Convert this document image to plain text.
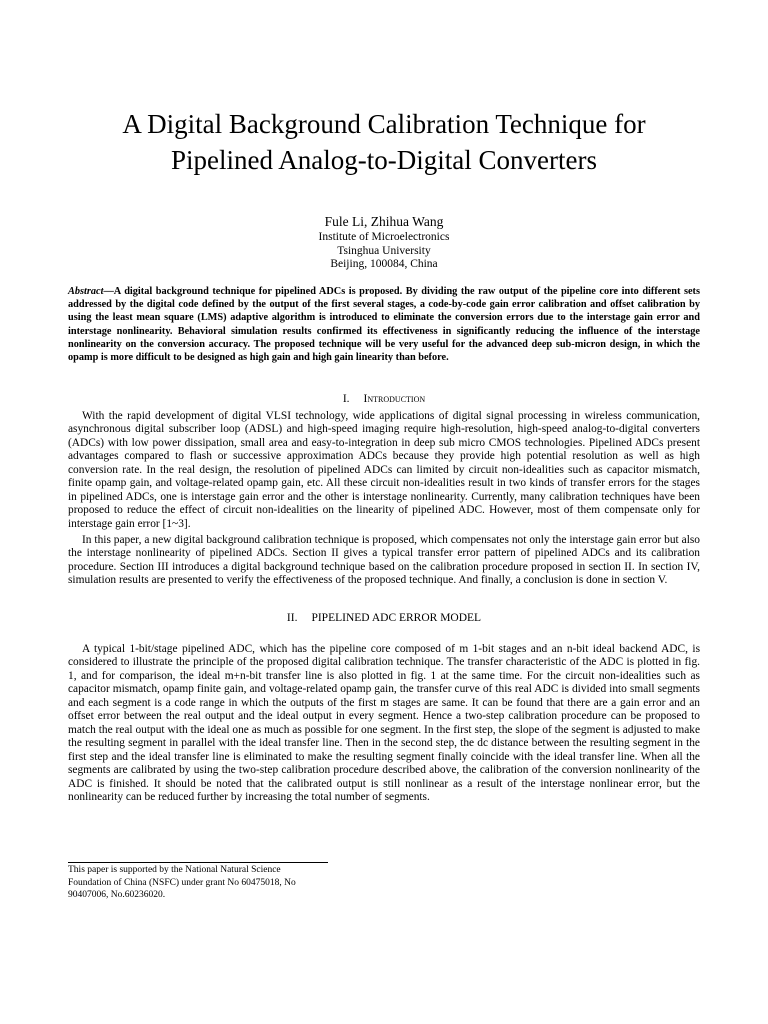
A Digital Background Calibration Technique for
Pipelined Analog-to-Digital Converters
Fule Li, Zhihua Wang
Institute of Microelectronics
Tsinghua University
Beijing, 100084, China
Abstract—A digital background technique for pipelined ADCs is proposed. By dividing the raw output of the pipeline core into different sets addressed by the digital code defined by the output of the first several stages, a code-by-code gain error calibration and offset calibration by using the least mean square (LMS) adaptive algorithm is introduced to eliminate the conversion errors due to the interstage gain error and interstage nonlinearity. Behavioral simulation results confirmed its effectiveness in significantly reducing the influence of the interstage nonlinearity on the conversion accuracy. The proposed technique will be very useful for the advanced deep sub-micron design, in which the opamp is more difficult to be designed as high gain and high gain linearity than before.
I. Introduction

With the rapid development of digital VLSI technology, wide applications of digital signal processing in wireless communication, asynchronous digital subscriber loop (ADSL) and high-speed imaging require high-resolution, high-speed analog-to-digital converters (ADCs) with low power dissipation, small area and easy-to-integration in deep sub micro CMOS technologies. Pipelined ADCs present advantages compared to flash or successive approximation ADCs because they provide high potential resolution as well as high conversion rate. In the real design, the resolution of pipelined ADCs can limited by circuit non-idealities such as capacitor mismatch, finite opamp gain, and voltage-related opamp gain, etc. All these circuit non-idealities result in two kinds of transfer errors for the stages in pipelined ADCs, one is interstage gain error and the other is interstage nonlinearity. Currently, many calibration techniques have been proposed to reduce the effect of circuit non-idealities on the linearity of pipelined ADC. However, most of them compensate only for interstage gain error [1~3].

In this paper, a new digital background calibration technique is proposed, which compensates not only the interstage gain error but also the interstage nonlinearity of pipelined ADCs. Section II gives a typical transfer error pattern of pipelined ADCs and its calibration procedure. Section III introduces a digital background technique based on the calibration procedure proposed in section II. In section IV, simulation results are presented to verify the effectiveness of the proposed technique. And finally, a conclusion is done in section V.

II. PIPELINED ADC ERROR MODEL

A typical 1-bit/stage pipelined ADC, which has the pipeline core composed of m 1-bit stages and an n-bit ideal backend ADC, is considered to illustrate the principle of the proposed digital calibration technique. The transfer characteristic of the ADC is plotted in fig. 1, and for comparison, the ideal m+n-bit transfer line is also plotted in fig. 1 at the same time. For the circuit non-idealities such as capacitor mismatch, opamp finite gain, and voltage-related opamp gain, the transfer curve of this real ADC is divided into small segments and each segment is a code range in which the outputs of the first m stages are same. It can be found that there are a gain error and an offset error between the real output and the ideal output in every segment. Hence a two-step calibration procedure can be proposed to match the real output with the ideal one as much as possible for one segment. In the first step, the slope of the segment is adjusted to make the resulting segment in parallel with the ideal transfer line. Then in the second step, the dc distance between the resulting segment in the first step and the ideal transfer line is eliminated to make the resulting segment finally coincide with the ideal transfer line. When all the segments are calibrated by using the two-step calibration procedure described above, the calibration of the conversion nonlinearity of the ADC is finished. It should be noted that the calibrated output is still nonlinear as a result of the interstage nonlinear error, but the nonlinearity can be reduced further by increasing the total number of segments.

This paper is supported by the National Natural Science
Foundation of China (NSFC) under grant No 60475018, No
90407006, No.60236020.
